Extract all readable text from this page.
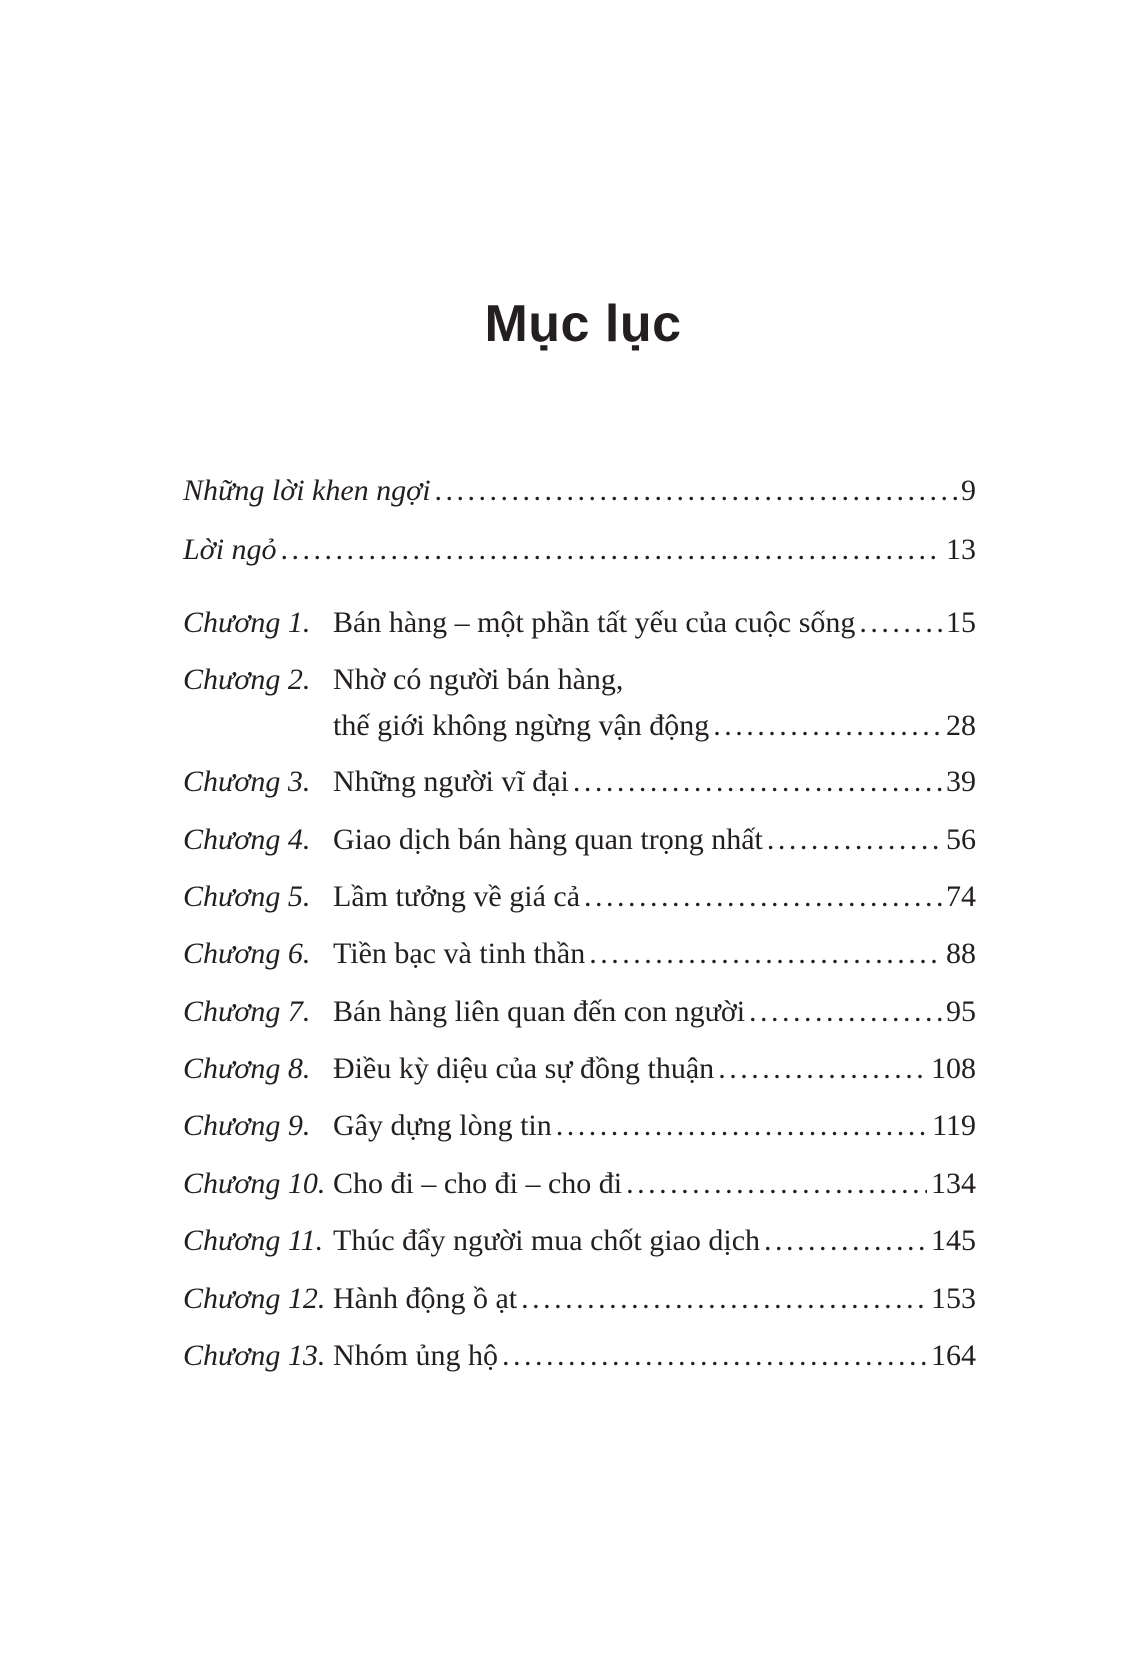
Mục lục
Những lời khen ngợi . . .	9
Lời ngỏ . . .	13
Chương 1. Bán hàng – một phần tất yếu của cuộc sống . . .	15
Chương 2. Nhờ có người bán hàng,
thế giới không ngừng vận động . . .	28
Chương 3. Những người vĩ đại . . .	39
Chương 4. Giao dịch bán hàng quan trọng nhất . . .	56
Chương 5. Lầm tưởng về giá cả . . .	74
Chương 6. Tiền bạc và tinh thần . . .	88
Chương 7. Bán hàng liên quan đến con người . . .	95
Chương 8. Điều kỳ diệu của sự đồng thuận . . .	108
Chương 9. Gây dựng lòng tin . . .	119
Chương 10. Cho đi – cho đi – cho đi . . .	134
Chương 11. Thúc đẩy người mua chốt giao dịch . . .	145
Chương 12. Hành động ồ ạt . . .	153
Chương 13. Nhóm ủng hộ . . .	164
